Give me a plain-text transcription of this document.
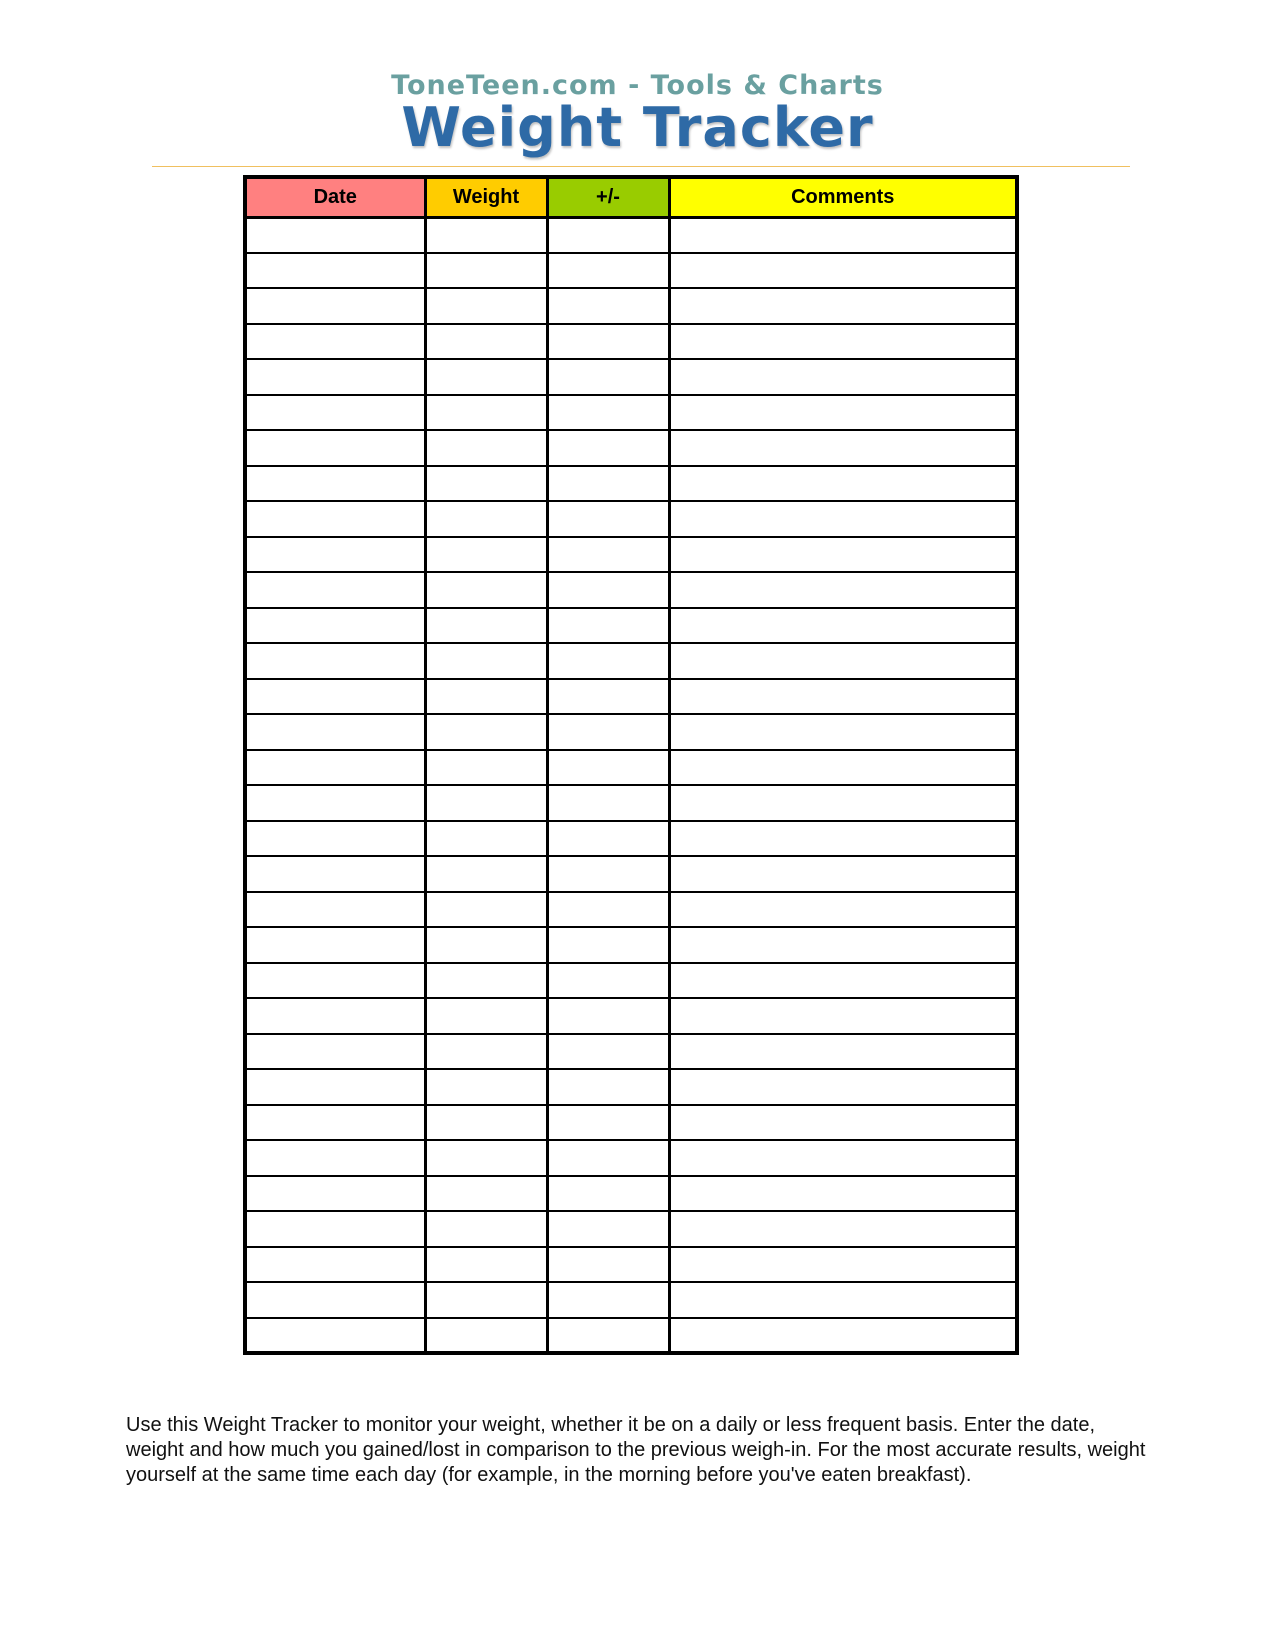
ToneTeen.com - Tools & Charts
Weight Tracker
Date	Weight	+/-	Comments

Use this Weight Tracker to monitor your weight, whether it be on a daily or less frequent basis. Enter the date, weight and how much you gained/lost in comparison to the previous weigh-in. For the most accurate results, weight yourself at the same time each day (for example, in the morning before you've eaten breakfast).
